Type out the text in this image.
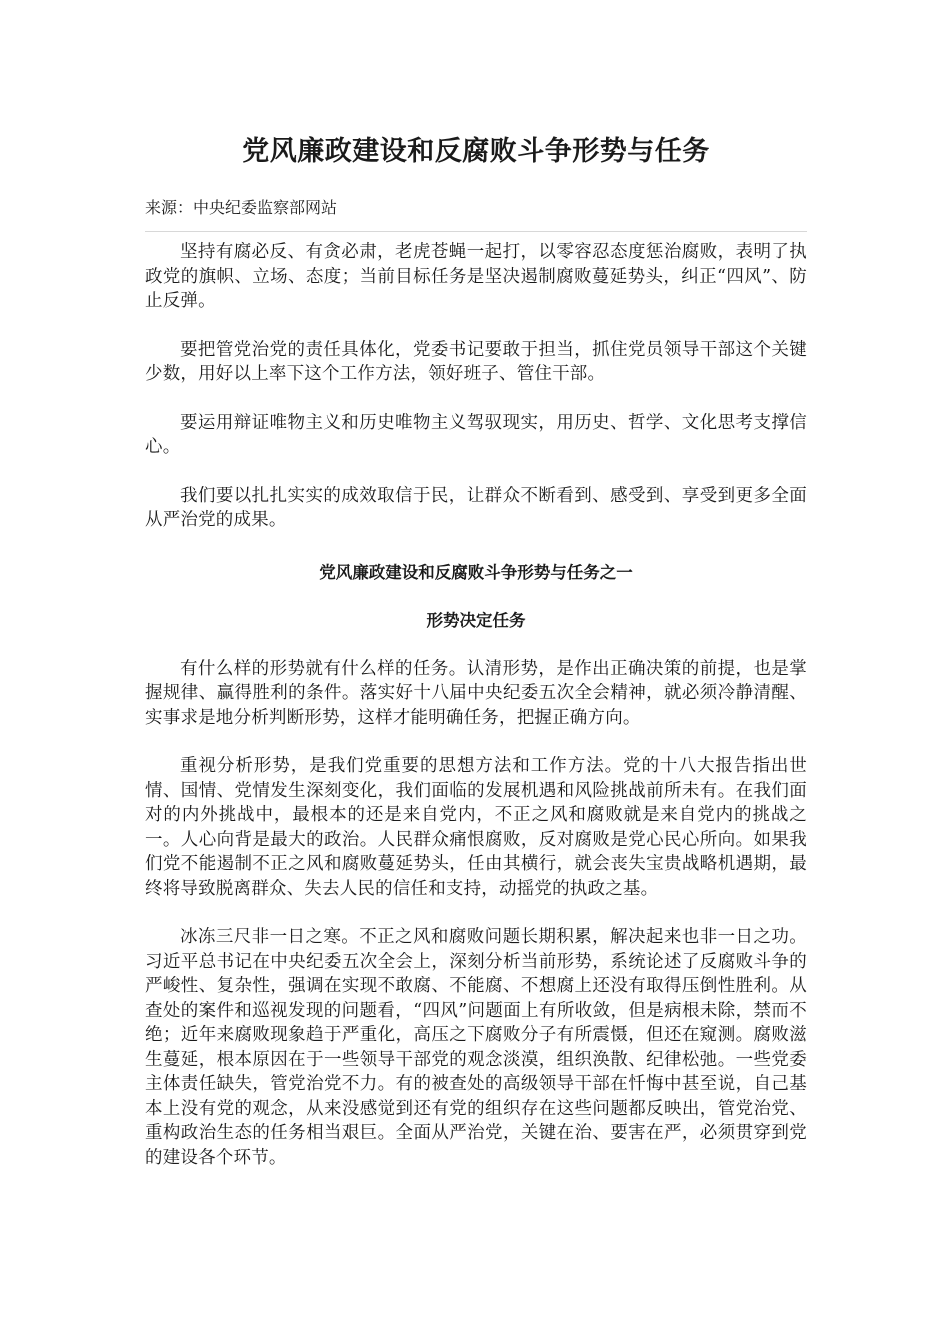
党风廉政建设和反腐败斗争形势与任务
来源：中央纪委监察部网站

坚持有腐必反、有贪必肃，老虎苍蝇一起打，以零容忍态度惩治腐败，表明了执政党的旗帜、立场、态度；当前目标任务是坚决遏制腐败蔓延势头，纠正“四风”、防止反弹。

要把管党治党的责任具体化，党委书记要敢于担当，抓住党员领导干部这个关键少数，用好以上率下这个工作方法，领好班子、管住干部。

要运用辩证唯物主义和历史唯物主义驾驭现实，用历史、哲学、文化思考支撑信心。

我们要以扎扎实实的成效取信于民，让群众不断看到、感受到、享受到更多全面从严治党的成果。

党风廉政建设和反腐败斗争形势与任务之一
形势决定任务

有什么样的形势就有什么样的任务。认清形势，是作出正确决策的前提，也是掌握规律、赢得胜利的条件。落实好十八届中央纪委五次全会精神，就必须冷静清醒、实事求是地分析判断形势，这样才能明确任务，把握正确方向。

重视分析形势，是我们党重要的思想方法和工作方法。党的十八大报告指出世情、国情、党情发生深刻变化，我们面临的发展机遇和风险挑战前所未有。在我们面对的内外挑战中，最根本的还是来自党内，不正之风和腐败就是来自党内的挑战之一。人心向背是最大的政治。人民群众痛恨腐败，反对腐败是党心民心所向。如果我们党不能遏制不正之风和腐败蔓延势头，任由其横行，就会丧失宝贵战略机遇期，最终将导致脱离群众、失去人民的信任和支持，动摇党的执政之基。

冰冻三尺非一日之寒。不正之风和腐败问题长期积累，解决起来也非一日之功。习近平总书记在中央纪委五次全会上，深刻分析当前形势，系统论述了反腐败斗争的严峻性、复杂性，强调在实现不敢腐、不能腐、不想腐上还没有取得压倒性胜利。从查处的案件和巡视发现的问题看，“四风”问题面上有所收敛，但是病根未除，禁而不绝；近年来腐败现象趋于严重化，高压之下腐败分子有所震慑，但还在窥测。腐败滋生蔓延，根本原因在于一些领导干部党的观念淡漠，组织涣散、纪律松弛。一些党委主体责任缺失，管党治党不力。有的被查处的高级领导干部在忏悔中甚至说，自己基本上没有党的观念，从来没感觉到还有党的组织存在这些问题都反映出，管党治党、重构政治生态的任务相当艰巨。全面从严治党，关键在治、要害在严，必须贯穿到党的建设各个环节。
